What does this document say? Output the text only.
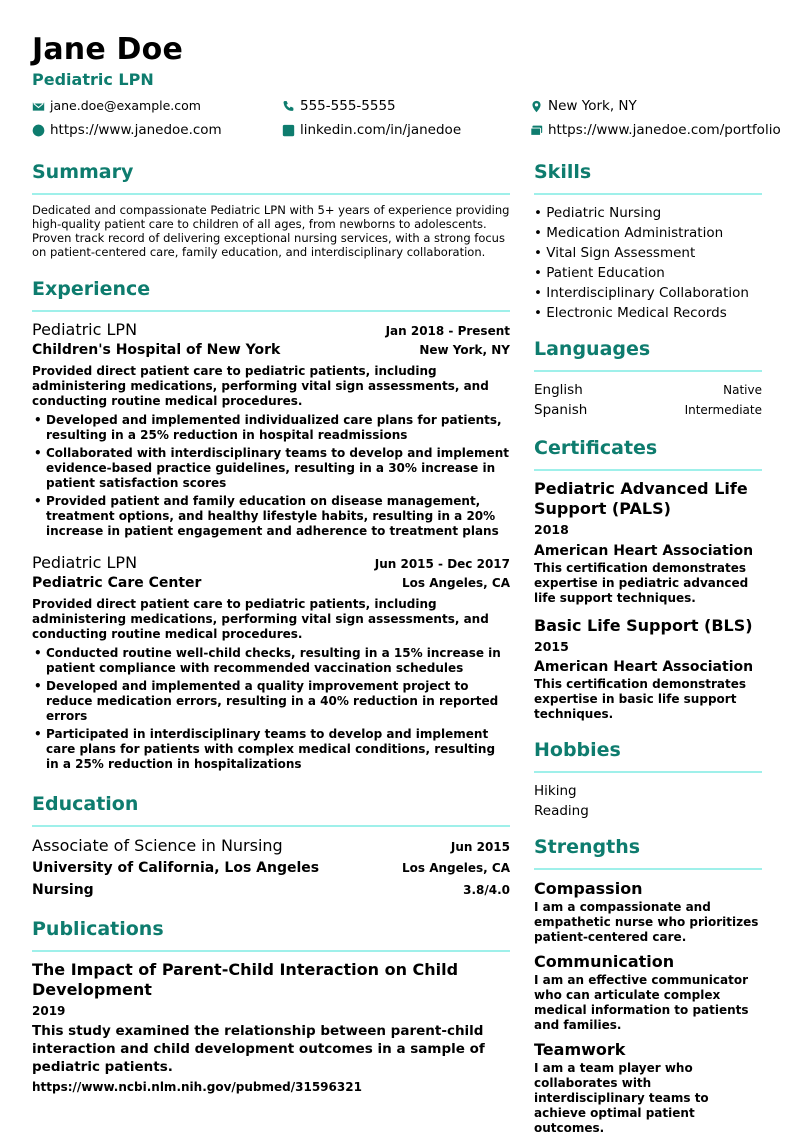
Jane Doe
Pediatric LPN
jane.doe@example.com	555-555-5555	New York, NY
https://www.janedoe.com	linkedin.com/in/janedoe	https://www.janedoe.com/portfolio
Summary

Dedicated and compassionate Pediatric LPN with 5+ years of experience providing high-quality patient care to children of all ages, from newborns to adolescents. Proven track record of delivering exceptional nursing services, with a strong focus on patient-centered care, family education, and interdisciplinary collaboration.

Experience
Pediatric LPN	Jan 2018 - Present
Children's Hospital of New York	New York, NY

Provided direct patient care to pediatric patients, including administering medications, performing vital sign assessments, and conducting routine medical procedures.

• Developed and implemented individualized care plans for patients, resulting in a 25% reduction in hospital readmissions
• Collaborated with interdisciplinary teams to develop and implement evidence-based practice guidelines, resulting in a 30% increase in patient satisfaction scores
• Provided patient and family education on disease management, treatment options, and healthy lifestyle habits, resulting in a 20% increase in patient engagement and adherence to treatment plans
Pediatric LPN	Jun 2015 - Dec 2017
Pediatric Care Center	Los Angeles, CA

Provided direct patient care to pediatric patients, including administering medications, performing vital sign assessments, and conducting routine medical procedures.

• Conducted routine well-child checks, resulting in a 15% increase in patient compliance with recommended vaccination schedules
• Developed and implemented a quality improvement project to reduce medication errors, resulting in a 40% reduction in reported errors
• Participated in interdisciplinary teams to develop and implement care plans for patients with complex medical conditions, resulting in a 25% reduction in hospitalizations
Education
Associate of Science in Nursing	Jun 2015
University of California, Los Angeles	Los Angeles, CA
Nursing	3.8/4.0
Publications
The Impact of Parent-Child Interaction on Child Development
2019
This study examined the relationship between parent-child interaction and child development outcomes in a sample of pediatric patients.
https://www.ncbi.nlm.nih.gov/pubmed/31596321
Skills
• Pediatric Nursing
• Medication Administration
• Vital Sign Assessment
• Patient Education
• Interdisciplinary Collaboration
• Electronic Medical Records
Languages
English	Native
Spanish	Intermediate
Certificates
Pediatric Advanced Life Support (PALS)
2018
American Heart Association
This certification demonstrates expertise in pediatric advanced life support techniques.
Basic Life Support (BLS) 2015
American Heart Association
This certification demonstrates expertise in basic life support techniques.
Hobbies
Hiking
Reading
Strengths
Compassion
I am a compassionate and empathetic nurse who prioritizes patient-centered care.
Communication
I am an effective communicator who can articulate complex medical information to patients and families.
Teamwork
I am a team player who collaborates with interdisciplinary teams to achieve optimal patient outcomes.
